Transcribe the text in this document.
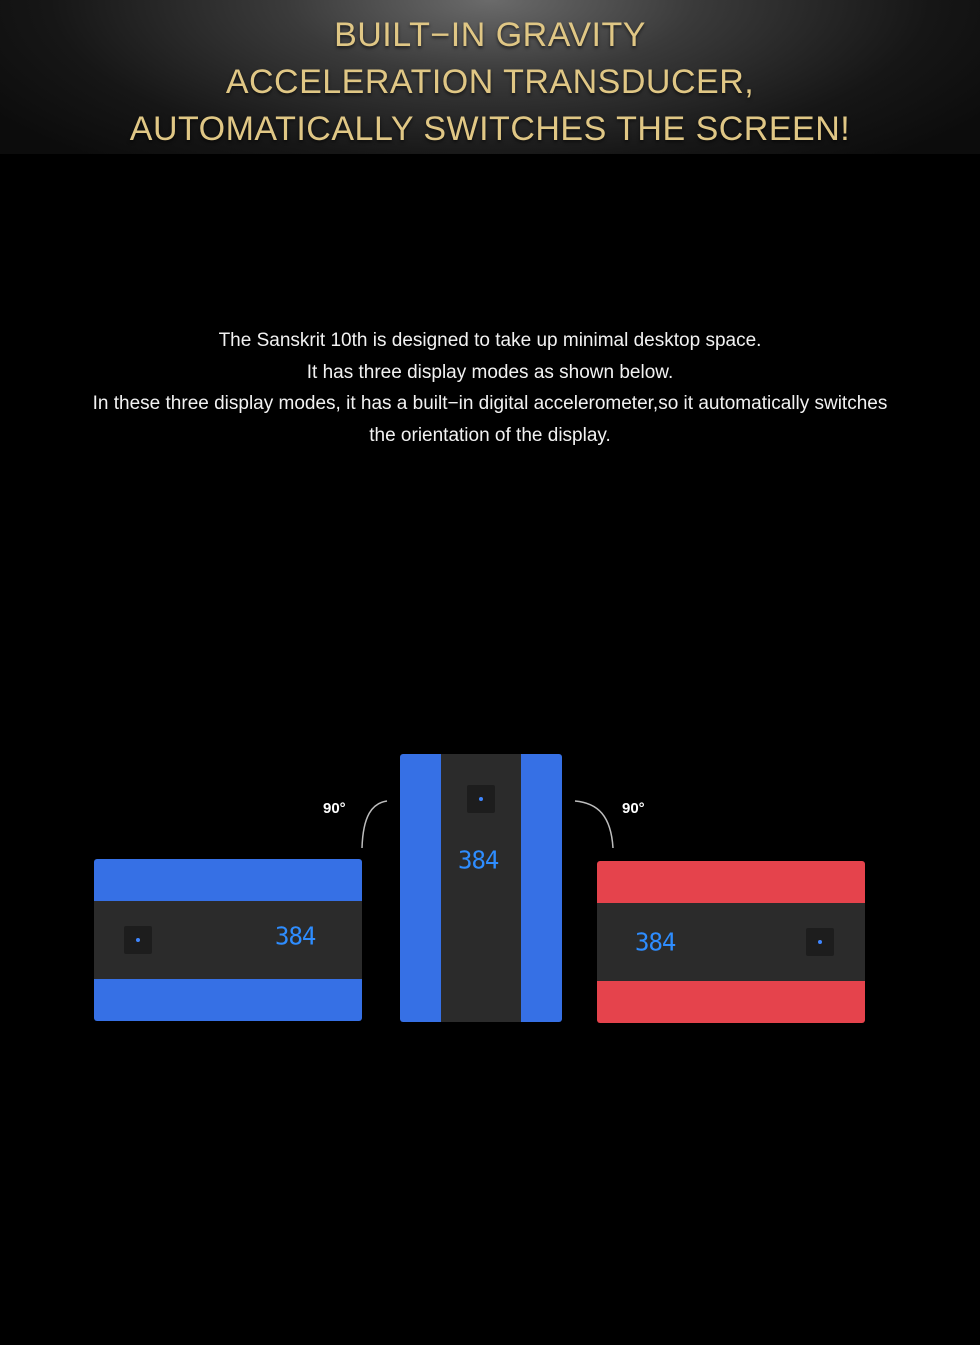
BUILT−IN GRAVITY
ACCELERATION TRANSDUCER,
AUTOMATICALLY SWITCHES THE SCREEN!
The Sanskrit 10th is designed to take up minimal desktop space.
It has three display modes as shown below.
In these three display modes, it has a built−in digital accelerometer,so it automatically switches
the orientation of the display.
384
384
384
90°	90°
